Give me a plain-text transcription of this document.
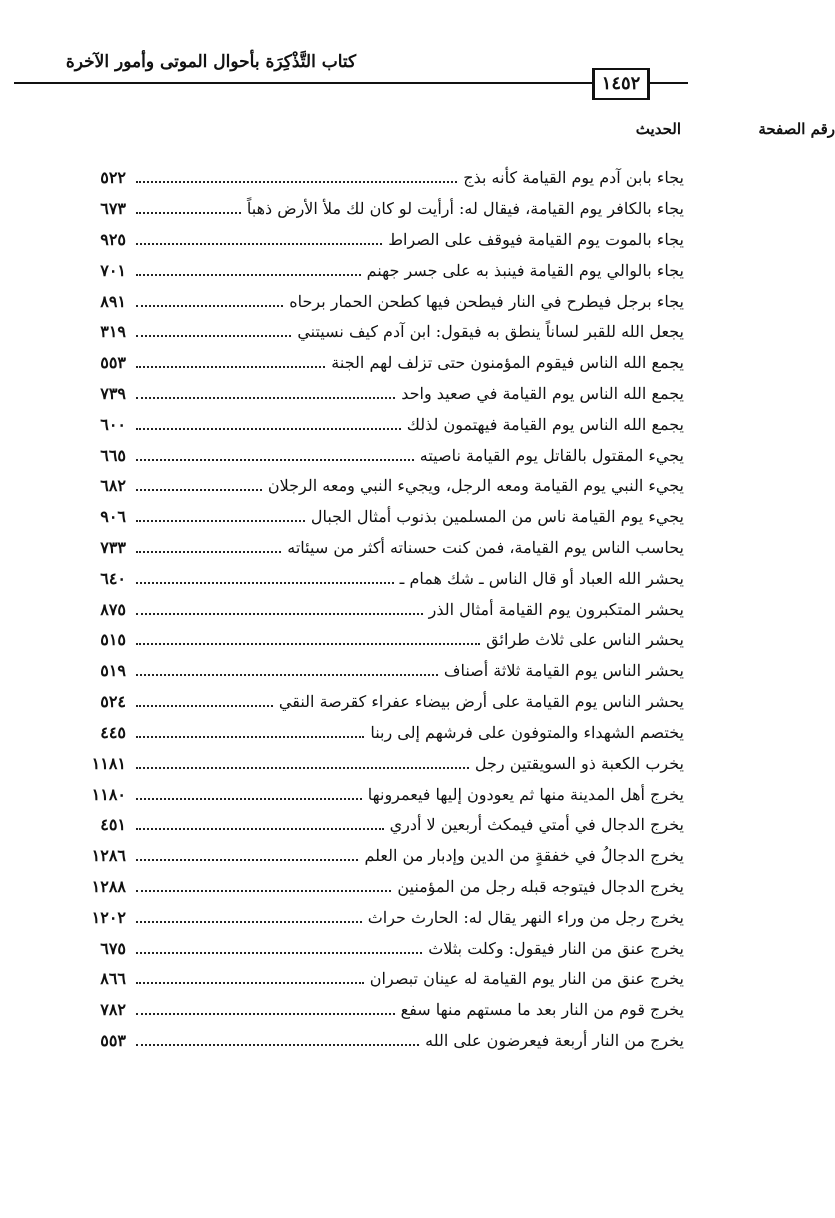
كتاب التَّذْكِرَة بأحوال الموتى وأمور الآخرة
١٤٥٢
الحديث	رقم الصفحة
٥٢٢	يجاء بابن آدم يوم القيامة كأنه بذج
٦٧٣	يجاء بالكافر يوم القيامة، فيقال له: أرأيت لو كان لك ملأ الأرض ذهباً
٩٢٥	يجاء بالموت يوم القيامة فيوقف على الصراط
٧٠١	يجاء بالوالي يوم القيامة فينبذ به على جسر جهنم
٨٩١	يجاء برجل فيطرح في النار فيطحن فيها كطحن الحمار برحاه
٣١٩	يجعل الله للقبر لساناً ينطق به فيقول: ابن آدم كيف نسيتني
٥٥٣	يجمع الله الناس فيقوم المؤمنون حتى تزلف لهم الجنة
٧٣٩	يجمع الله الناس يوم القيامة في صعيد واحد
٦٠٠	يجمع الله الناس يوم القيامة فيهتمون لذلك
٦٦٥	يجيء المقتول بالقاتل يوم القيامة ناصيته
٦٨٢	يجيء النبي يوم القيامة ومعه الرجل، ويجيء النبي ومعه الرجلان
٩٠٦	يجيء يوم القيامة ناس من المسلمين بذنوب أمثال الجبال
٧٣٣	يحاسب الناس يوم القيامة، فمن كنت حسناته أكثر من سيئاته
٦٤٠	يحشر الله العباد أو قال الناس ـ شك همام ـ
٨٧٥	يحشر المتكبرون يوم القيامة أمثال الذر
٥١٥	يحشر الناس على ثلاث طرائق
٥١٩	يحشر الناس يوم القيامة ثلاثة أصناف
٥٢٤	يحشر الناس يوم القيامة على أرض بيضاء عفراء كقرصة النقي
٤٤٥	يختصم الشهداء والمتوفون على فرشهم إلى ربنا
١١٨١	يخرب الكعبة ذو السويقتين رجل
١١٨٠	يخرج أهل المدينة منها ثم يعودون إليها فيعمرونها
٤٥١	يخرج الدجال في أمتي فيمكث أربعين لا أدري
١٢٨٦	يخرج الدجالُ في خفقةٍ من الدين وإدبار من العلم
١٢٨٨	يخرج الدجال فيتوجه قبله رجل من المؤمنين
١٢٠٢	يخرج رجل من وراء النهر يقال له: الحارث حراث
٦٧٥	يخرج عنق من النار فيقول: وكلت بثلاث
٨٦٦	يخرج عنق من النار يوم القيامة له عينان تبصران
٧٨٢	يخرج قوم من النار بعد ما مستهم منها سفع
٥٥٣	يخرج من النار أربعة فيعرضون على الله
